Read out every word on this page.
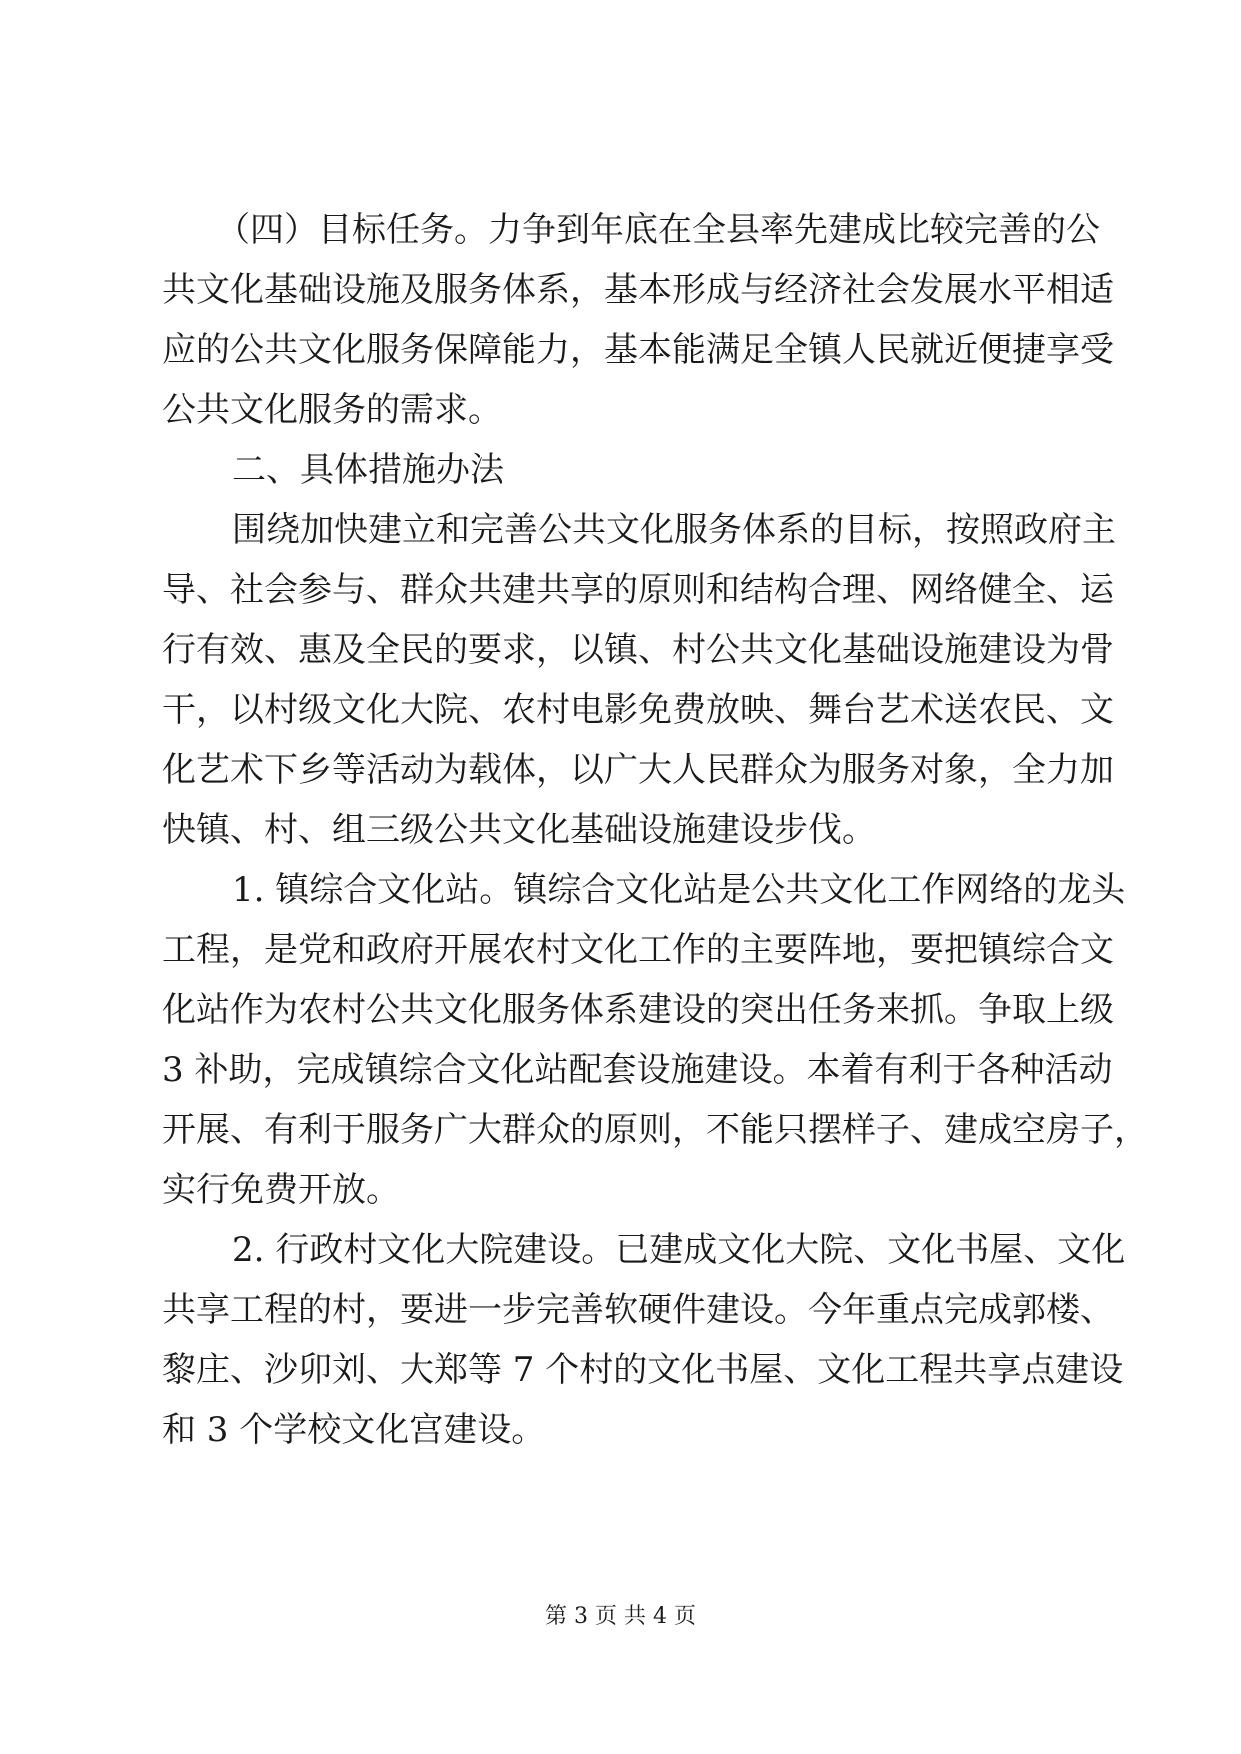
（四）目标任务。力争到年底在全县率先建成比较完善的公
共文化基础设施及服务体系，基本形成与经济社会发展水平相适
应的公共文化服务保障能力，基本能满足全镇人民就近便捷享受
公共文化服务的需求。
二、具体措施办法
围绕加快建立和完善公共文化服务体系的目标，按照政府主
导、社会参与、群众共建共享的原则和结构合理、网络健全、运
行有效、惠及全民的要求，以镇、村公共文化基础设施建设为骨
干，以村级文化大院、农村电影免费放映、舞台艺术送农民、文
化艺术下乡等活动为载体，以广大人民群众为服务对象，全力加
快镇、村、组三级公共文化基础设施建设步伐。
1. 镇综合文化站。镇综合文化站是公共文化工作网络的龙头
工程，是党和政府开展农村文化工作的主要阵地，要把镇综合文
化站作为农村公共文化服务体系建设的突出任务来抓。争取上级
3 补助，完成镇综合文化站配套设施建设。本着有利于各种活动
开展、有利于服务广大群众的原则，不能只摆样子、建成空房子，
实行免费开放。
2. 行政村文化大院建设。已建成文化大院、文化书屋、文化
共享工程的村，要进一步完善软硬件建设。今年重点完成郭楼、
黎庄、沙卯刘、大郑等 7 个村的文化书屋、文化工程共享点建设
和 3 个学校文化宫建设。
第 3 页 共 4 页
